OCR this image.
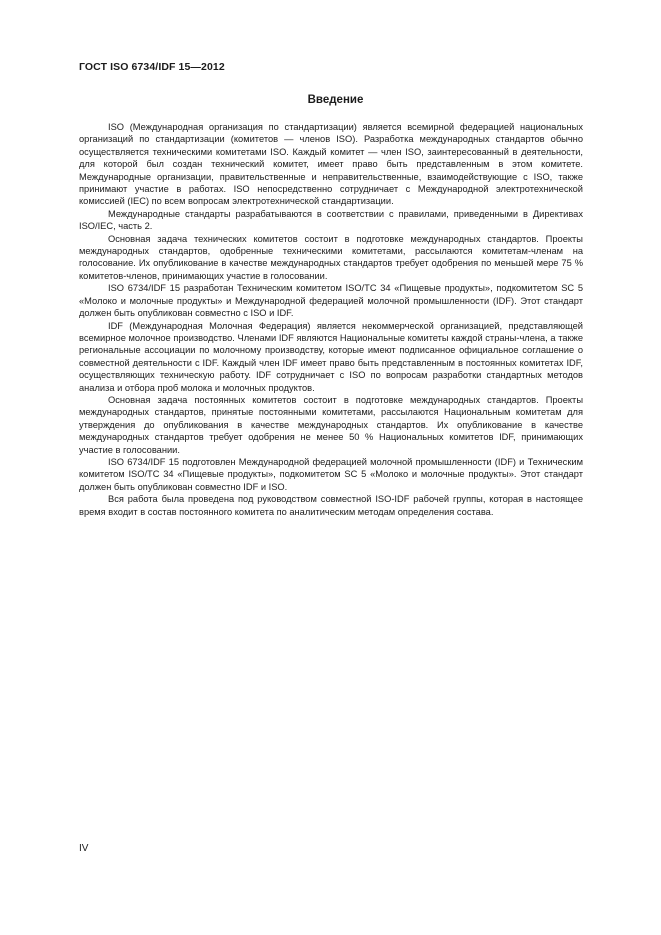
ГОСТ ISO 6734/IDF 15—2012
Введение

ISO (Международная организация по стандартизации) является всемирной федерацией национальных организаций по стандартизации (комитетов — членов ISO). Разработка международных стандартов обычно осуществляется техническими комитетами ISO. Каждый комитет — член ISO, заинтересованный в деятельности, для которой был создан технический комитет, имеет право быть представленным в этом комитете. Международные организации, правительственные и неправительственные, взаимодействующие с ISO, также принимают участие в работах. ISO непосредственно сотрудничает с Международной электротехнической комиссией (IEC) по всем вопросам электротехнической стандартизации.

Международные стандарты разрабатываются в соответствии с правилами, приведенными в Директивах ISO/IEC, часть 2.

Основная задача технических комитетов состоит в подготовке международных стандартов. Проекты международных стандартов, одобренные техническими комитетами, рассылаются комитетам-членам на голосование. Их опубликование в качестве международных стандартов требует одобрения по меньшей мере 75 % комитетов-членов, принимающих участие в голосовании.

ISO 6734/IDF 15 разработан Техническим комитетом ISO/TC 34 «Пищевые продукты», подкомитетом SC 5 «Молоко и молочные продукты» и Международной федерацией молочной промышленности (IDF). Этот стандарт должен быть опубликован совместно с ISO и IDF.

IDF (Международная Молочная Федерация) является некоммерческой организацией, представляющей всемирное молочное производство. Членами IDF являются Национальные комитеты каждой страны-члена, а также региональные ассоциации по молочному производству, которые имеют подписанное официальное соглашение о совместной деятельности с IDF. Каждый член IDF имеет право быть представленным в постоянных комитетах IDF, осуществляющих техническую работу. IDF сотрудничает с ISO по вопросам разработки стандартных методов анализа и отбора проб молока и молочных продуктов.

Основная задача постоянных комитетов состоит в подготовке международных стандартов. Проекты международных стандартов, принятые постоянными комитетами, рассылаются Национальным комитетам для утверждения до опубликования в качестве международных стандартов. Их опубликование в качестве международных стандартов требует одобрения не менее 50 % Национальных комитетов IDF, принимающих участие в голосовании.

ISO 6734/IDF 15 подготовлен Международной федерацией молочной промышленности (IDF) и Техническим комитетом ISO/TC 34 «Пищевые продукты», подкомитетом SC 5 «Молоко и молочные продукты». Этот стандарт должен быть опубликован совместно IDF и ISO.

Вся работа была проведена под руководством совместной ISO-IDF рабочей группы, которая в настоящее время входит в состав постоянного комитета по аналитическим методам определения состава.

IV
